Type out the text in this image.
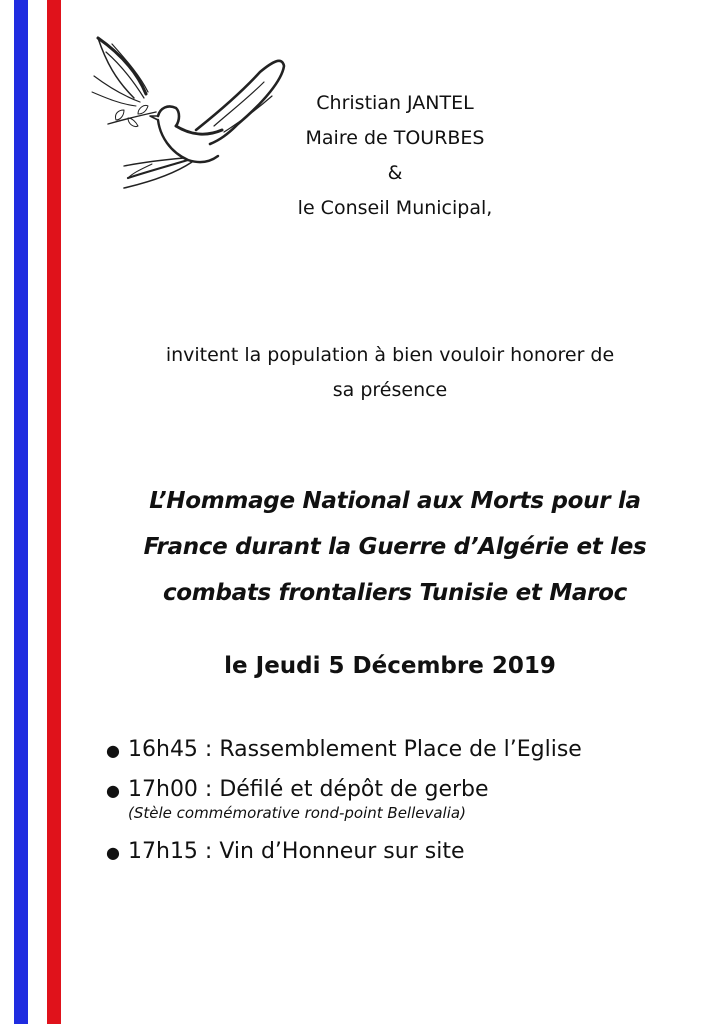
Christian JANTEL
Maire de TOURBES
&
le Conseil Municipal,
invitent la population à bien vouloir honorer de
sa présence
L’Hommage National aux Morts pour la
France durant la Guerre d’Algérie et les
combats frontaliers Tunisie et Maroc
le Jeudi 5 Décembre 2019
● 16h45 : Rassemblement Place de l’Eglise
● 17h00 : Défilé et dépôt de gerbe
(Stèle commémorative rond-point Bellevalia)
● 17h15 : Vin d’Honneur sur site
